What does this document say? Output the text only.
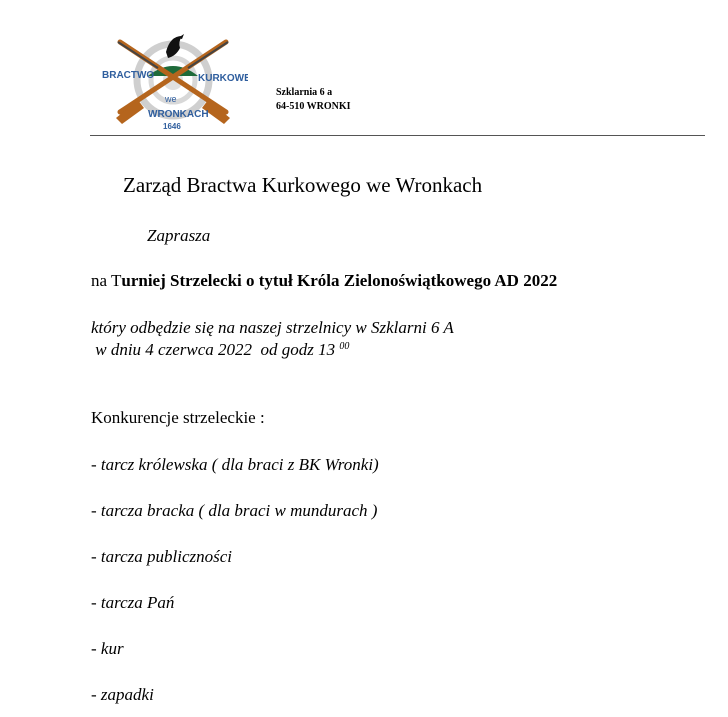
BRACTWO	KURKOWE
we
WRONKACH
1646
Szklarnia 6 a
64-510 WRONKI
Zarząd Bractwa Kurkowego we Wronkach
Zaprasza
na Turniej Strzelecki o tytuł Króla Zielonoświątkowego AD 2022
który odbędzie się na naszej strzelnicy w Szklarni 6 A
w dniu 4 czerwca 2022  od godz 13 $^{00}$
Konkurencje strzeleckie :
- tarcz królewska ( dla braci z BK Wronki)
- tarcza bracka ( dla braci w mundurach )
- tarcza publiczności
- tarcza Pań
- kur
- zapadki
